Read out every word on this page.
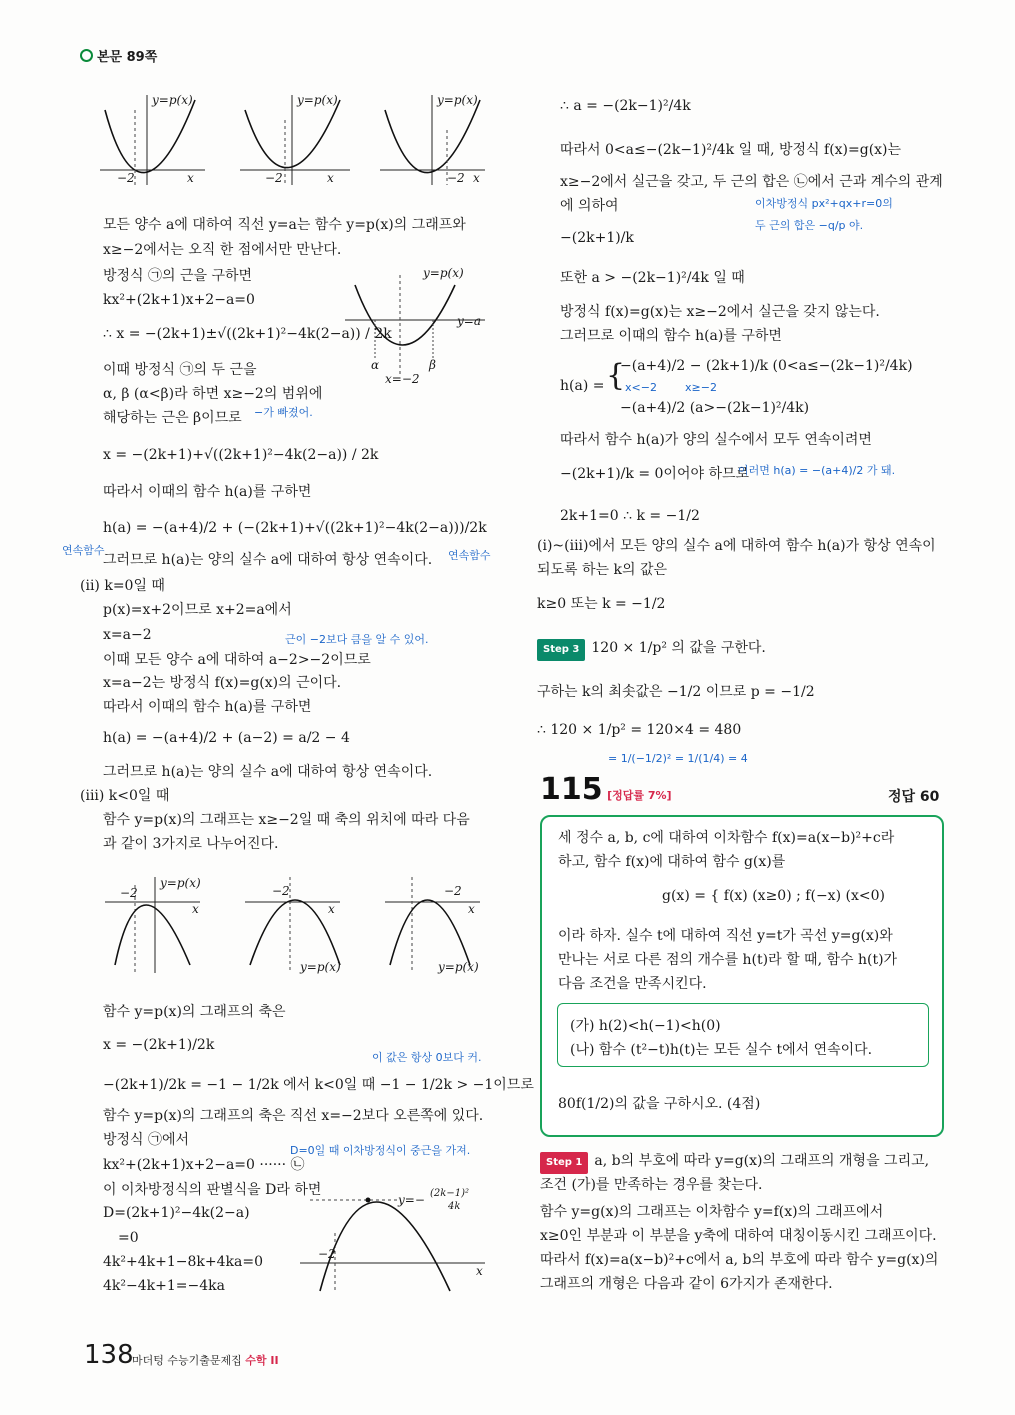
본문 89쪽
y=p(x)
−2	x
y=p(x)
−2	x
y=p(x)
−2 x
모든 양수 a에 대하여 직선 y=a는 함수 y=p(x)의 그래프와
x≥−2에서는 오직 한 점에서만 만난다.
방정식 ㉠의 근을 구하면
kx²+(2k+1)x+2−a=0
∴ x = −(2k+1)±√((2k+1)²−4k(2−a)) / 2k
이때 방정식 ㉠의 두 근을
α, β (α<β)라 하면 x≥−2의 범위에
해당하는 근은 β이므로 −가 빠졌어.
y=p(x)
y=a
α	β
x=−2
x = −(2k+1)+√((2k+1)²−4k(2−a)) / 2k
따라서 이때의 함수 h(a)를 구하면
h(a) = −(a+4)/2 + (−(2k+1)+√((2k+1)²−4k(2−a)))/2k
연속함수
그러므로 h(a)는 양의 실수 a에 대하여 항상 연속이다. 연속함수
(ii) k=0일 때
p(x)=x+2이므로 x+2=a에서
x=a−2	근이 −2보다 큼을 알 수 있어.
이때 모든 양수 a에 대하여 a−2>−2이므로
x=a−2는 방정식 f(x)=g(x)의 근이다.
따라서 이때의 함수 h(a)를 구하면
h(a) = −(a+4)/2 + (a−2) = a/2 − 4
그러므로 h(a)는 양의 실수 a에 대하여 항상 연속이다.
(iii) k<0일 때
함수 y=p(x)의 그래프는 x≥−2일 때 축의 위치에 따라 다음
과 같이 3가지로 나누어진다.
−2
y=p(x)
x
−2
x
y=p(x)
−2
x
y=p(x)
함수 y=p(x)의 그래프의 축은
x = −(2k+1)/2k
이 값은 항상 0보다 커.
−(2k+1)/2k = −1 − 1/2k 에서 k<0일 때 −1 − 1/2k > −1이므로
함수 y=p(x)의 그래프의 축은 직선 x=−2보다 오른쪽에 있다.
방정식 ㉠에서
D=0일 때 이차방정식이 중근을 가져.
kx²+(2k+1)x+2−a=0 ······ ㉡
이 이차방정식의 판별식을 D라 하면
D=(2k+1)²−4k(2−a)
=0
4k²+4k+1−8k+4ka=0
4k²−4k+1=−4ka
y=− (2k−1)²
4k
−2
x
∴ a = −(2k−1)²/4k
따라서 0<a≤−(2k−1)²/4k 일 때, 방정식 f(x)=g(x)는
x≥−2에서 실근을 갖고, 두 근의 합은 ㉡에서 근과 계수의 관계
에 의하여	이차방정식 px²+qx+r=0의
두 근의 합은 −q/p 야.
−(2k+1)/k
또한 a > −(2k−1)²/4k 일 때
방정식 f(x)=g(x)는 x≥−2에서 실근을 갖지 않는다.
그러므로 이때의 함수 h(a)를 구하면
h(a) = {
−(a+4)/2 − (2k+1)/k (0<a≤−(2k−1)²/4k)
x<−2	x≥−2
−(a+4)/2 (a>−(2k−1)²/4k)
따라서 함수 h(a)가 양의 실수에서 모두 연속이려면
−(2k+1)/k = 0이어야 하므로
이러면 h(a) = −(a+4)/2 가 돼.
2k+1=0 ∴ k = −1/2
(i)~(iii)에서 모든 양의 실수 a에 대하여 함수 h(a)가 항상 연속이
되도록 하는 k의 값은
k≥0 또는 k = −1/2
Step 3 120 × 1/p² 의 값을 구한다.
구하는 k의 최솟값은 −1/2 이므로 p = −1/2
∴ 120 × 1/p² = 120×4 = 480
= 1/(−1/2)² = 1/(1/4) = 4
115 [정답률 7%]	정답 60
세 정수 a, b, c에 대하여 이차함수 f(x)=a(x−b)²+c라
하고, 함수 f(x)에 대하여 함수 g(x)를
g(x) = { f(x) (x≥0) ; f(−x) (x<0)
이라 하자. 실수 t에 대하여 직선 y=t가 곡선 y=g(x)와
만나는 서로 다른 점의 개수를 h(t)라 할 때, 함수 h(t)가
다음 조건을 만족시킨다.
(가) h(2)<h(−1)<h(0)
(나) 함수 (t²−t)h(t)는 모든 실수 t에서 연속이다.
80f(1/2)의 값을 구하시오. (4점)
Step 1 a, b의 부호에 따라 y=g(x)의 그래프의 개형을 그리고,
조건 (가)를 만족하는 경우를 찾는다.
함수 y=g(x)의 그래프는 이차함수 y=f(x)의 그래프에서
x≥0인 부분과 이 부분을 y축에 대하여 대칭이동시킨 그래프이다.
따라서 f(x)=a(x−b)²+c에서 a, b의 부호에 따라 함수 y=g(x)의
그래프의 개형은 다음과 같이 6가지가 존재한다.
138
마더텅 수능기출문제집 수학 II
